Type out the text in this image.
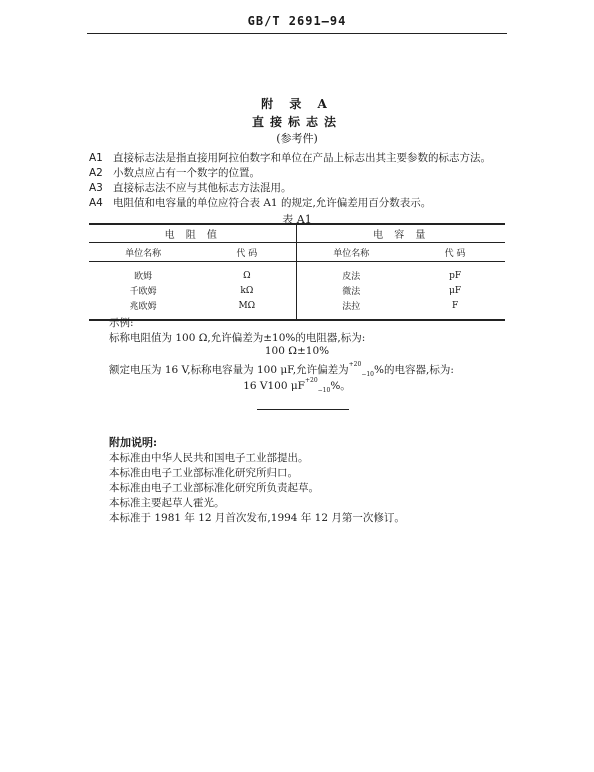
GB/T 2691—94
附 录 A
直接标志法
(参考件)
A1 直接标志法是指直接用阿拉伯数字和单位在产品上标志出其主要参数的标志方法。
A2 小数点应占有一个数字的位置。
A3 直接标志法不应与其他标志方法混用。
A4 电阻值和电容量的单位应符合表 A1 的规定,允许偏差用百分数表示。
表 A1
电 阻 值		电 容 量	
单位名称	代 码	单位名称	代 码
欧姆	Ω	皮法	pF
千欧姆	kΩ	微法	μF
兆欧姆	MΩ	法拉	F
示例:
标称电阻值为 100 Ω,允许偏差为±10%的电阻器,标为:
100 Ω±10%
额定电压为 16 V,标称电容量为 100 μF,允许偏差为$^{+20}_{-10}$%的电容器,标为:
16 V100 $\mu F^{+20}_{-10}\%$。
附加说明:
本标准由中华人民共和国电子工业部提出。
本标准由电子工业部标准化研究所归口。
本标准由电子工业部标准化研究所负责起草。
本标准主要起草人霍光。
本标准于 1981 年 12 月首次发布,1994 年 12 月第一次修订。
